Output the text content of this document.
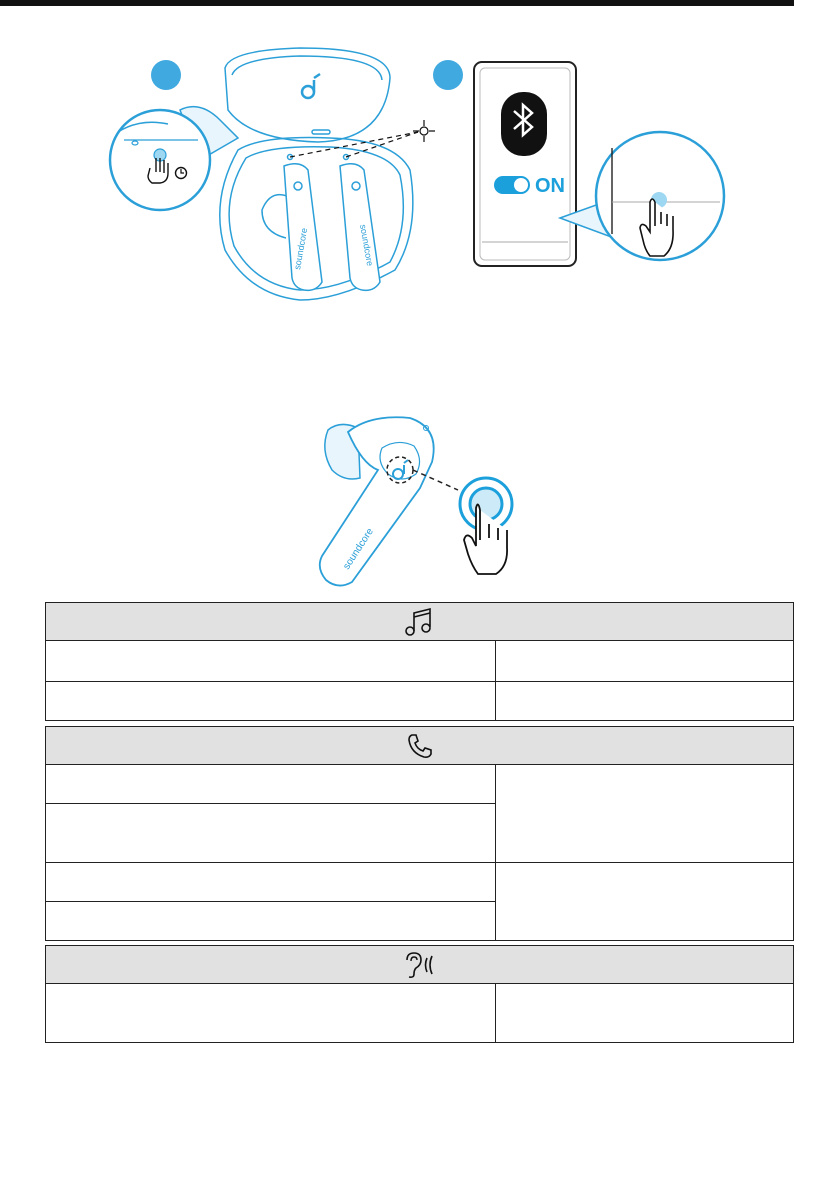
soundcore	soundcore
ON
soundcore
